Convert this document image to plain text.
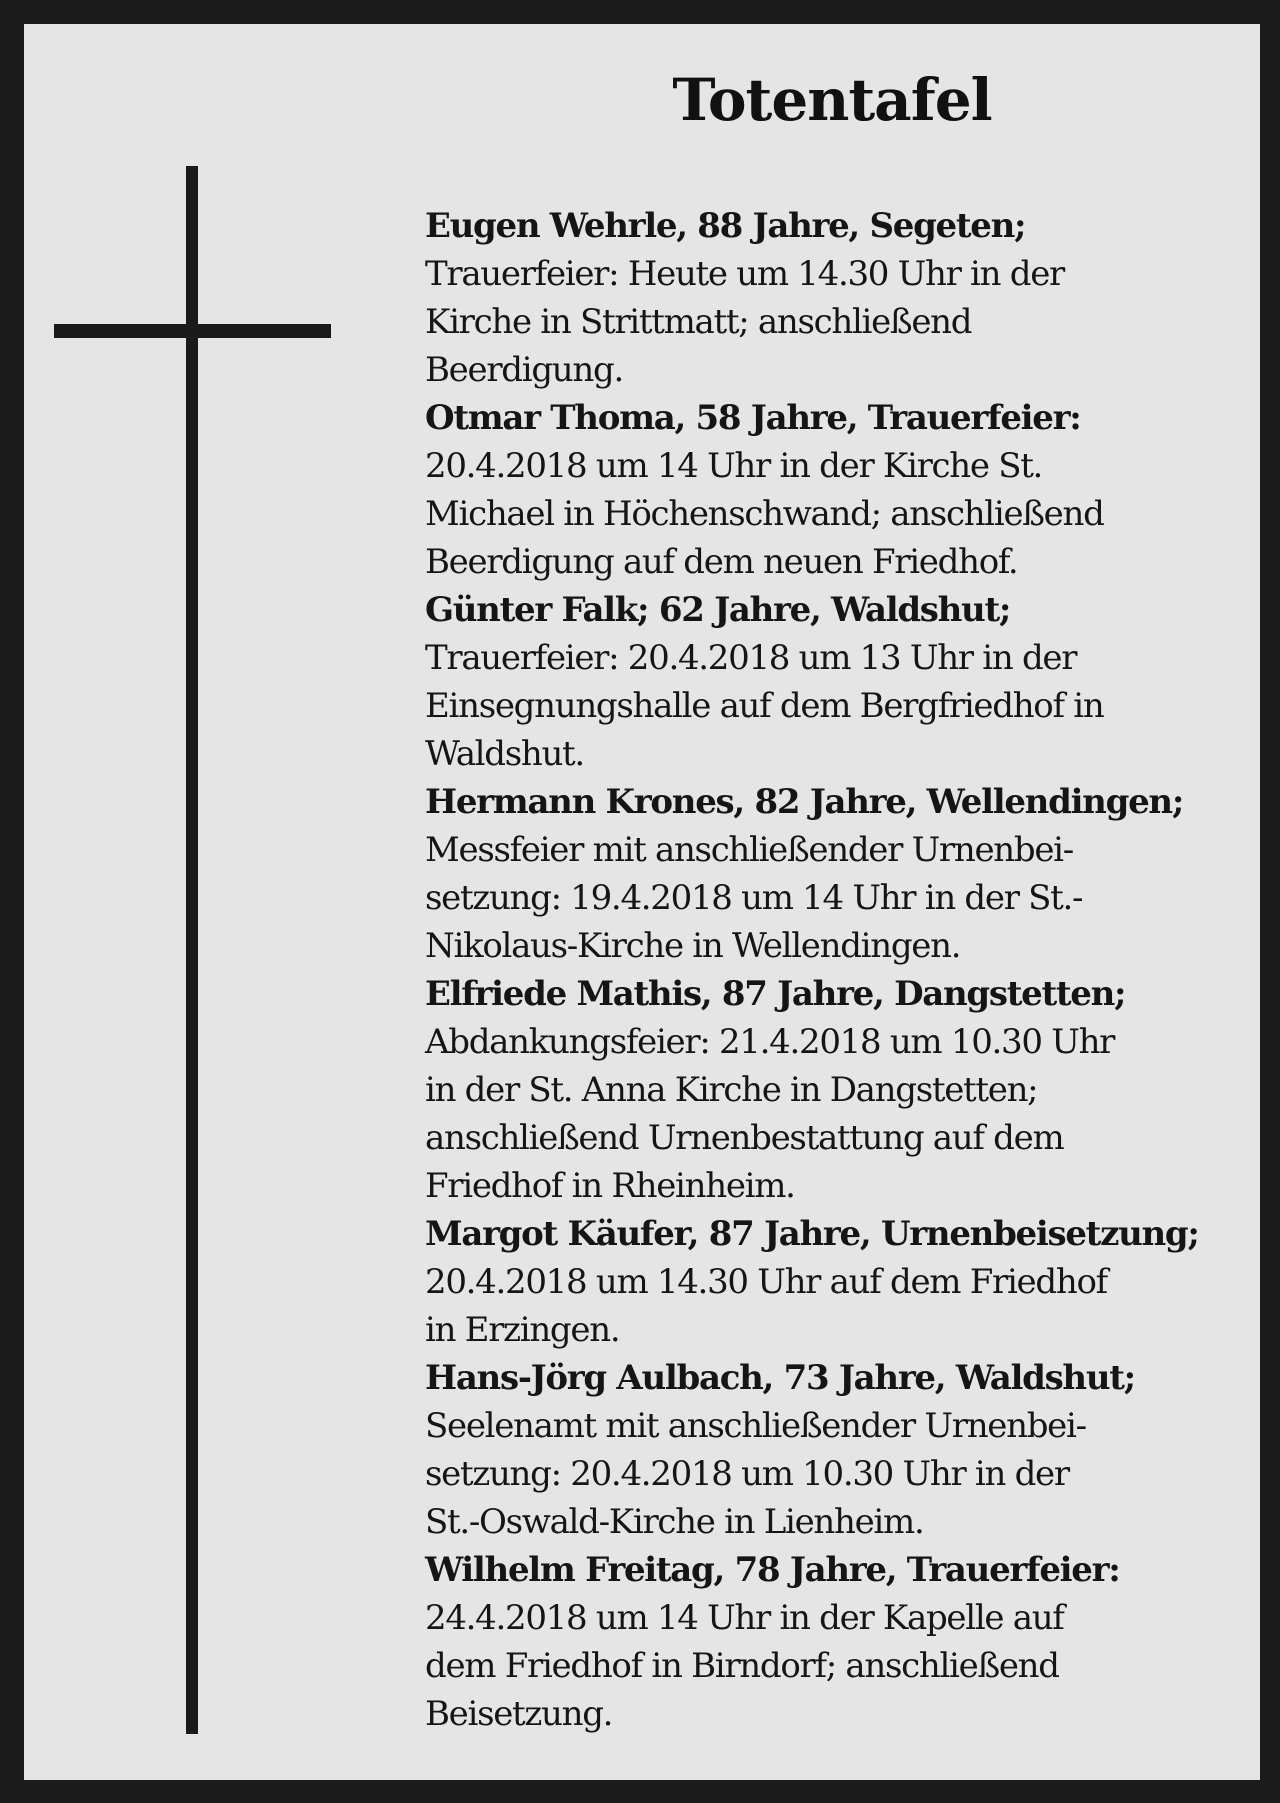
Totentafel
Eugen Wehrle, 88 Jahre, Segeten;
Trauerfeier: Heute um 14.30 Uhr in der
Kirche in Strittmatt; anschließend
Beerdigung.
Otmar Thoma, 58 Jahre, Trauerfeier:
20.4.2018 um 14 Uhr in der Kirche St.
Michael in Höchenschwand; anschließend
Beerdigung auf dem neuen Friedhof.
Günter Falk; 62 Jahre, Waldshut;
Trauerfeier: 20.4.2018 um 13 Uhr in der
Einsegnungshalle auf dem Bergfriedhof in
Waldshut.
Hermann Krones, 82 Jahre, Wellendingen;
Messfeier mit anschließender Urnenbei-
setzung: 19.4.2018 um 14 Uhr in der St.-
Nikolaus-Kirche in Wellendingen.
Elfriede Mathis, 87 Jahre, Dangstetten;
Abdankungsfeier: 21.4.2018 um 10.30 Uhr
in der St. Anna Kirche in Dangstetten;
anschließend Urnenbestattung auf dem
Friedhof in Rheinheim.
Margot Käufer, 87 Jahre, Urnenbeisetzung;
20.4.2018 um 14.30 Uhr auf dem Friedhof
in Erzingen.
Hans-Jörg Aulbach, 73 Jahre, Waldshut;
Seelenamt mit anschließender Urnenbei-
setzung: 20.4.2018 um 10.30 Uhr in der
St.-Oswald-Kirche in Lienheim.
Wilhelm Freitag, 78 Jahre, Trauerfeier:
24.4.2018 um 14 Uhr in der Kapelle auf
dem Friedhof in Birndorf; anschließend
Beisetzung.
